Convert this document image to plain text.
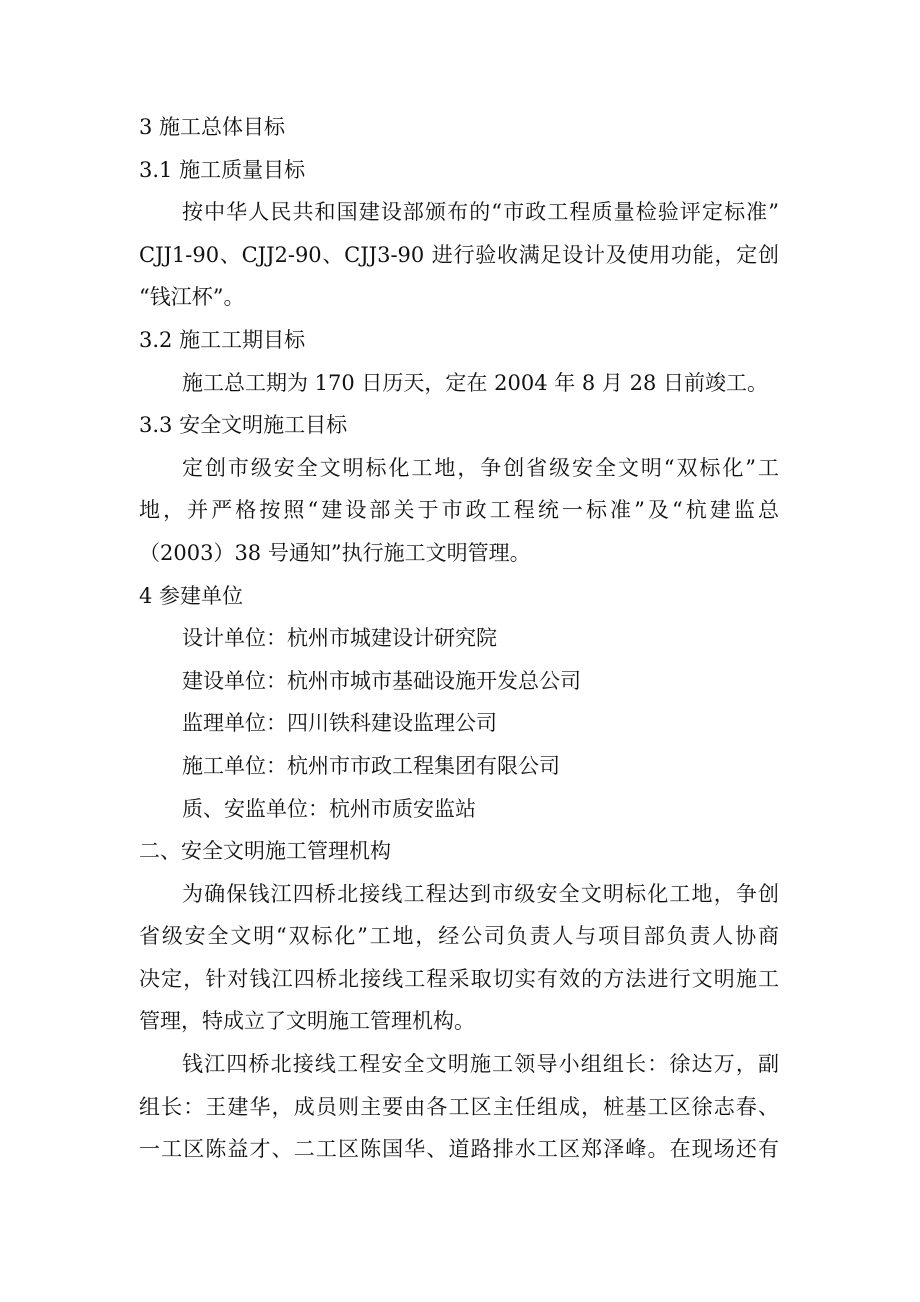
3 施工总体目标
3.1 施工质量目标
按中华人民共和国建设部颁布的“市政工程质量检验评定标准”
CJJ1-90、CJJ2-90、CJJ3-90 进行验收满足设计及使用功能，定创
“钱江杯”。
3.2 施工工期目标
施工总工期为 170 日历天，定在 2004 年 8 月 28 日前竣工。
3.3 安全文明施工目标
定创市级安全文明标化工地，争创省级安全文明“双标化”工
地，并严格按照“建设部关于市政工程统一标准”及“杭建监总
（2003）38 号通知”执行施工文明管理。
4 参建单位
设计单位：杭州市城建设计研究院
建设单位：杭州市城市基础设施开发总公司
监理单位：四川铁科建设监理公司
施工单位：杭州市市政工程集团有限公司
质、安监单位：杭州市质安监站
二、安全文明施工管理机构
为确保钱江四桥北接线工程达到市级安全文明标化工地，争创
省级安全文明“双标化”工地，经公司负责人与项目部负责人协商
决定，针对钱江四桥北接线工程采取切实有效的方法进行文明施工
管理，特成立了文明施工管理机构。
钱江四桥北接线工程安全文明施工领导小组组长：徐达万，副
组长：王建华，成员则主要由各工区主任组成，桩基工区徐志春、
一工区陈益才、二工区陈国华、道路排水工区郑泽峰。在现场还有
